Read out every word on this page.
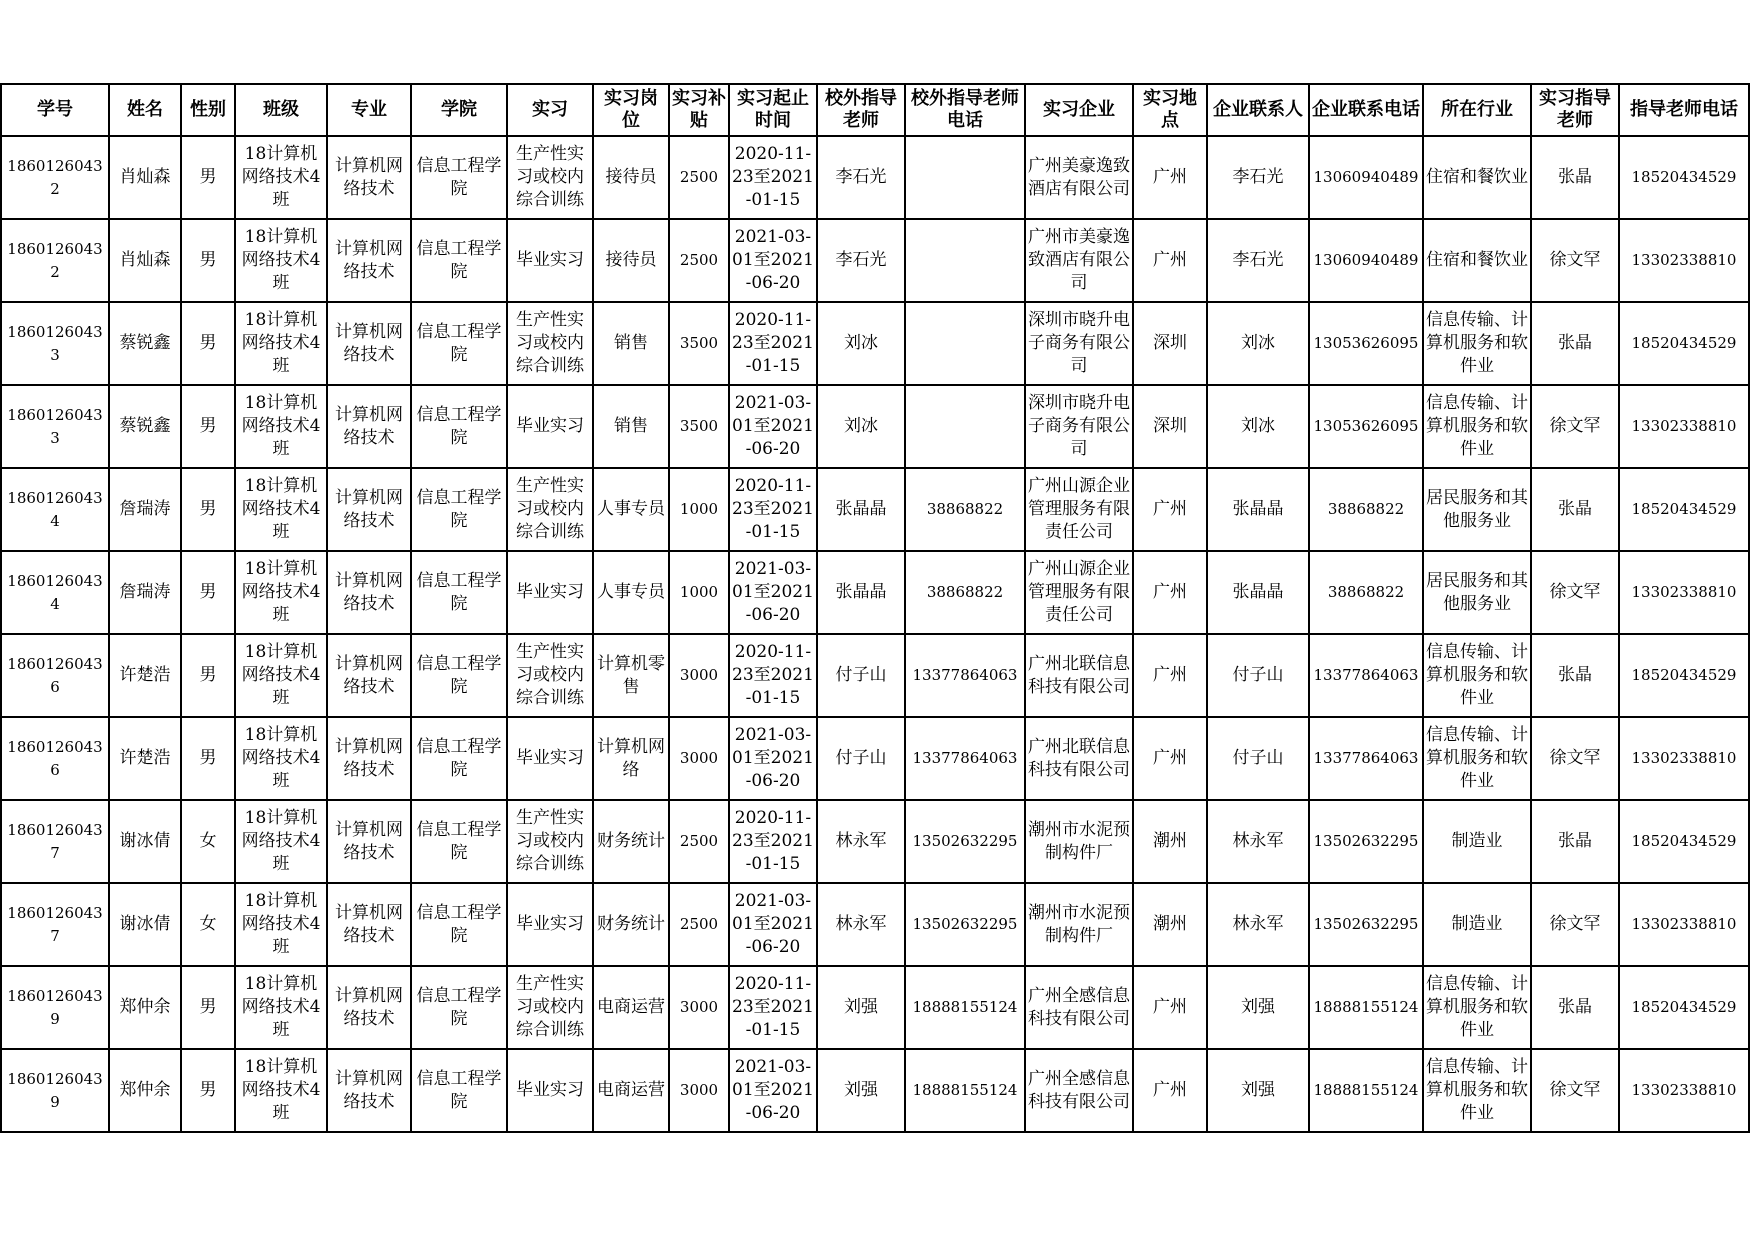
学号	姓名	性别	班级	专业	学院	实习	实习岗位	实习补贴	实习起止时间	校外指导老师	校外指导老师电话	实习企业	实习地点	企业联系人	企业联系电话	所在行业	实习指导老师	指导老师电话
18601260432	肖灿森	男	18计算机网络技术4班	计算机网络技术	信息工程学院	生产性实习或校内综合训练	接待员	2500	2020-11-23至2021-01-15	李石光		广州美豪逸致酒店有限公司	广州	李石光	13060940489	住宿和餐饮业	张晶	18520434529
18601260432	肖灿森	男	18计算机网络技术4班	计算机网络技术	信息工程学院	毕业实习	接待员	2500	2021-03-01至2021-06-20	李石光		广州市美豪逸致酒店有限公司	广州	李石光	13060940489	住宿和餐饮业	徐文罕	13302338810
18601260433	蔡锐鑫	男	18计算机网络技术4班	计算机网络技术	信息工程学院	生产性实习或校内综合训练	销售	3500	2020-11-23至2021-01-15	刘冰		深圳市晓升电子商务有限公司	深圳	刘冰	13053626095	信息传输、计算机服务和软件业	张晶	18520434529
18601260433	蔡锐鑫	男	18计算机网络技术4班	计算机网络技术	信息工程学院	毕业实习	销售	3500	2021-03-01至2021-06-20	刘冰		深圳市晓升电子商务有限公司	深圳	刘冰	13053626095	信息传输、计算机服务和软件业	徐文罕	13302338810
18601260434	詹瑞涛	男	18计算机网络技术4班	计算机网络技术	信息工程学院	生产性实习或校内综合训练	人事专员	1000	2020-11-23至2021-01-15	张晶晶	38868822	广州山源企业管理服务有限责任公司	广州	张晶晶	38868822	居民服务和其他服务业	张晶	18520434529
18601260434	詹瑞涛	男	18计算机网络技术4班	计算机网络技术	信息工程学院	毕业实习	人事专员	1000	2021-03-01至2021-06-20	张晶晶	38868822	广州山源企业管理服务有限责任公司	广州	张晶晶	38868822	居民服务和其他服务业	徐文罕	13302338810
18601260436	许楚浩	男	18计算机网络技术4班	计算机网络技术	信息工程学院	生产性实习或校内综合训练	计算机零售	3000	2020-11-23至2021-01-15	付子山	13377864063	广州北联信息科技有限公司	广州	付子山	13377864063	信息传输、计算机服务和软件业	张晶	18520434529
18601260436	许楚浩	男	18计算机网络技术4班	计算机网络技术	信息工程学院	毕业实习	计算机网络	3000	2021-03-01至2021-06-20	付子山	13377864063	广州北联信息科技有限公司	广州	付子山	13377864063	信息传输、计算机服务和软件业	徐文罕	13302338810
18601260437	谢冰倩	女	18计算机网络技术4班	计算机网络技术	信息工程学院	生产性实习或校内综合训练	财务统计	2500	2020-11-23至2021-01-15	林永军	13502632295	潮州市水泥预制构件厂	潮州	林永军	13502632295	制造业	张晶	18520434529
18601260437	谢冰倩	女	18计算机网络技术4班	计算机网络技术	信息工程学院	毕业实习	财务统计	2500	2021-03-01至2021-06-20	林永军	13502632295	潮州市水泥预制构件厂	潮州	林永军	13502632295	制造业	徐文罕	13302338810
18601260439	郑仲余	男	18计算机网络技术4班	计算机网络技术	信息工程学院	生产性实习或校内综合训练	电商运营	3000	2020-11-23至2021-01-15	刘强	18888155124	广州全感信息科技有限公司	广州	刘强	18888155124	信息传输、计算机服务和软件业	张晶	18520434529
18601260439	郑仲余	男	18计算机网络技术4班	计算机网络技术	信息工程学院	毕业实习	电商运营	3000	2021-03-01至2021-06-20	刘强	18888155124	广州全感信息科技有限公司	广州	刘强	18888155124	信息传输、计算机服务和软件业	徐文罕	13302338810
